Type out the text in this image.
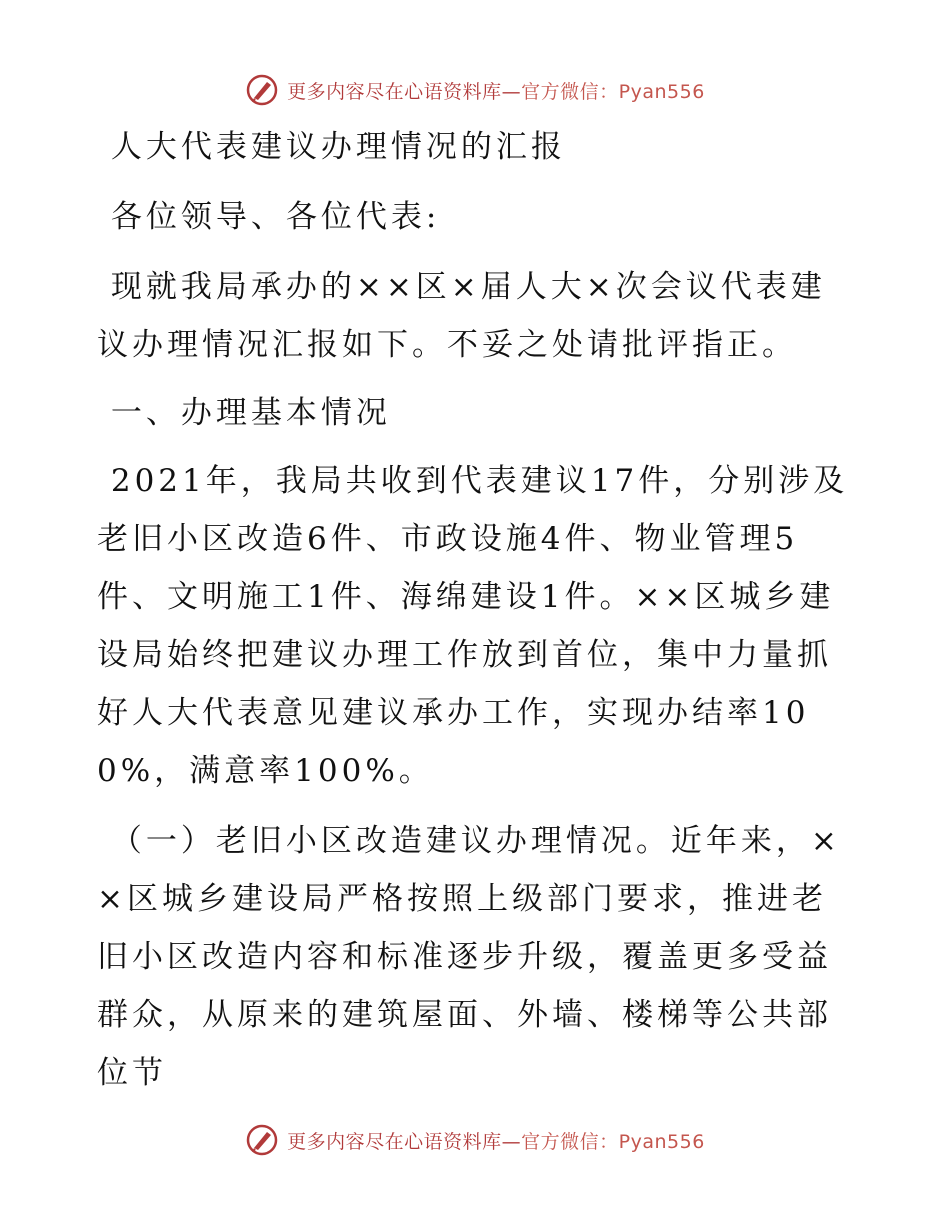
更多内容尽在心语资料库—官方微信：Pyan556

人大代表建议办理情况的汇报

各位领导、各位代表:

现就我局承办的××区×届人大×次会议代表建议办理情况汇报如下。不妥之处请批评指正。

一、办理基本情况

2021年，我局共收到代表建议17件，分别涉及老旧小区改造6件、市政设施4件、物业管理5件、文明施工1件、海绵建设1件。××区城乡建设局始终把建议办理工作放到首位，集中力量抓好人大代表意见建议承办工作，实现办结率100%，满意率100%。

（一）老旧小区改造建议办理情况。近年来，××区城乡建设局严格按照上级部门要求，推进老旧小区改造内容和标准逐步升级，覆盖更多受益群众，从原来的建筑屋面、外墙、楼梯等公共部位节

更多内容尽在心语资料库—官方微信：Pyan556
